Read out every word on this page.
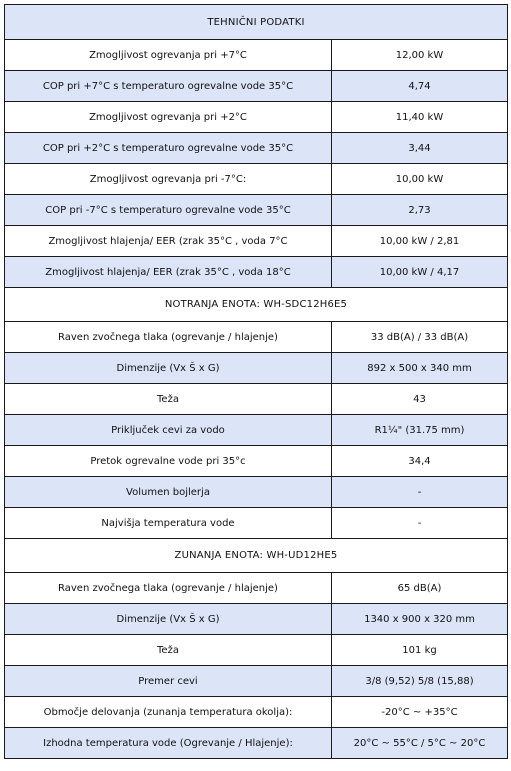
TEHNIČNI PODATKI	
Zmogljivost ogrevanja pri +7°C	12,00 kW
COP pri +7°C s temperaturo ogrevalne vode 35°C	4,74
Zmogljivost ogrevanja pri +2°C	11,40 kW
COP pri +2°C s temperaturo ogrevalne vode 35°C	3,44
Zmogljivost ogrevanja pri -7°C:	10,00 kW
COP pri -7°C s temperaturo ogrevalne vode 35°C	2,73
Zmogljivost hlajenja/ EER (zrak 35°C , voda 7°C	10,00 kW / 2,81
Zmogljivost hlajenja/ EER (zrak 35°C , voda 18°C	10,00 kW / 4,17
NOTRANJA ENOTA: WH-SDC12H6E5	
Raven zvočnega tlaka (ogrevanje / hlajenje)	33 dB(A) / 33 dB(A)
Dimenzije (Vx Š x G)	892 x 500 x 340 mm
Teža	43
Priključek cevi za vodo	R1¼" (31.75 mm)
Pretok ogrevalne vode pri 35°c	34,4
Volumen bojlerja	-
Najvišja temperatura vode	-
ZUNANJA ENOTA: WH-UD12HE5	
Raven zvočnega tlaka (ogrevanje / hlajenje)	65 dB(A)
Dimenzije (Vx Š x G)	1340 x 900 x 320 mm
Teža	101 kg
Premer cevi	3/8 (9,52) 5/8 (15,88)
Območje delovanja (zunanja temperatura okolja):	-20°C ~ +35°C
Izhodna temperatura vode (Ogrevanje / Hlajenje):	20°C ~ 55°C / 5°C ~ 20°C
